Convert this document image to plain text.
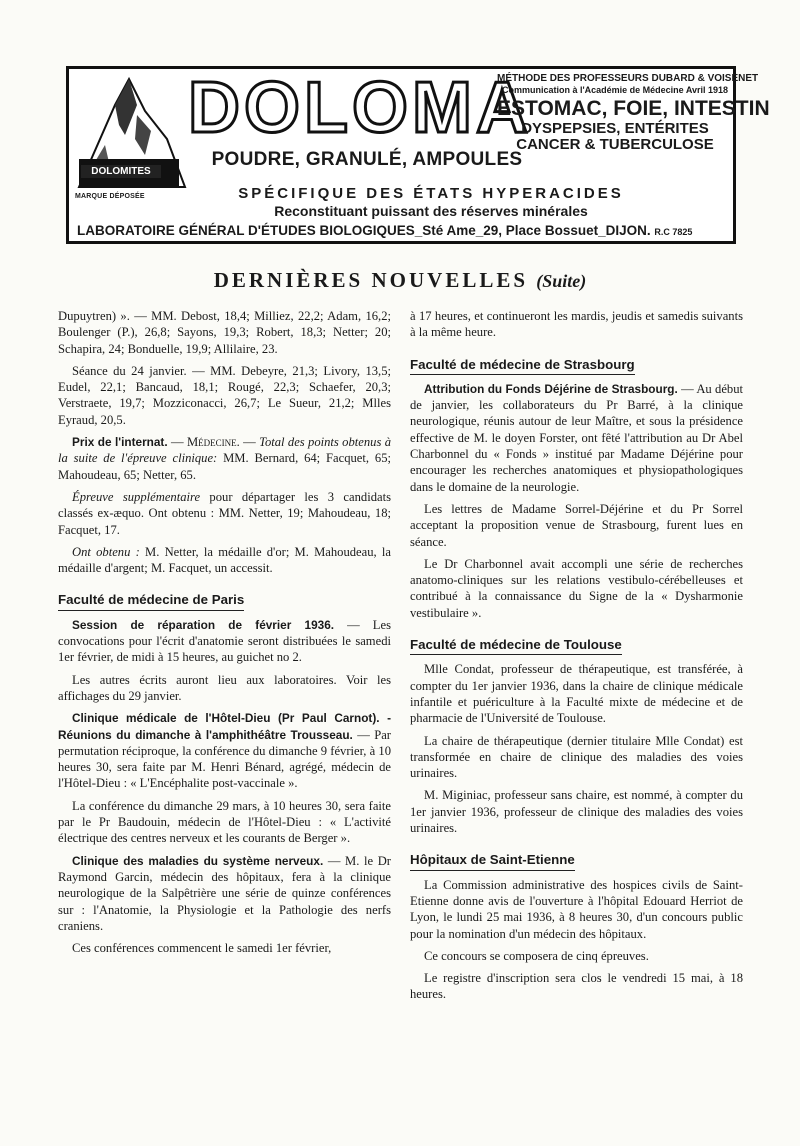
DOLOMITES
MARQUE DÉPOSÉE
DOLOMA
POUDRE, GRANULÉ, AMPOULES
MÉTHODE DES PROFESSEURS DUBARD & VOISENET
Communication à l'Académie de Médecine Avril 1918
ESTOMAC, FOIE, INTESTIN
DYSPEPSIES, ENTÉRITES
CANCER & TUBERCULOSE
SPÉCIFIQUE DES ÉTATS HYPERACIDES
Reconstituant puissant des réserves minérales
LABORATOIRE GÉNÉRAL D'ÉTUDES BIOLOGIQUES_Sté Ame_29, Place Bossuet_DIJON. R.C 7825
DERNIÈRES NOUVELLES (Suite)

Dupuytren) ». — MM. Debost, 18,4; Milliez, 22,2; Adam, 16,2; Boulenger (P.), 26,8; Sayons, 19,3; Robert, 18,3; Netter; 20; Schapira, 24; Bonduelle, 19,9; Allilaire, 23.

Séance du 24 janvier. — MM. Debeyre, 21,3; Livory, 13,5; Eudel, 22,1; Bancaud, 18,1; Rougé, 22,3; Schaefer, 20,3; Verstraete, 19,7; Mozziconacci, 26,7; Le Sueur, 21,2; Mlles Eyraud, 20,5.

Prix de l'internat. — Médecine. — Total des points obtenus à la suite de l'épreuve clinique: MM. Bernard, 64; Facquet, 65; Mahoudeau, 65; Netter, 65.

Épreuve supplémentaire pour départager les 3 candidats classés ex-æquo. Ont obtenu : MM. Netter, 19; Mahoudeau, 18; Facquet, 17.

Ont obtenu : M. Netter, la médaille d'or; M. Mahoudeau, la médaille d'argent; M. Facquet, un accessit.

Faculté de médecine de Paris

Session de réparation de février 1936. — Les convocations pour l'écrit d'anatomie seront distribuées le samedi 1er février, de midi à 15 heures, au guichet no 2.

Les autres écrits auront lieu aux laboratoires. Voir les affichages du 29 janvier.

Clinique médicale de l'Hôtel-Dieu (Pr Paul Carnot). - Réunions du dimanche à l'amphithéâtre Trousseau. — Par permutation réciproque, la conférence du dimanche 9 février, à 10 heures 30, sera faite par M. Henri Bénard, agrégé, médecin de l'Hôtel-Dieu : « L'Encéphalite post-vaccinale ».

La conférence du dimanche 29 mars, à 10 heures 30, sera faite par le Pr Baudouin, médecin de l'Hôtel-Dieu : « L'activité électrique des centres nerveux et les courants de Berger ».

Clinique des maladies du système nerveux. — M. le Dr Raymond Garcin, médecin des hôpitaux, fera à la clinique neurologique de la Salpêtrière une série de quinze conférences sur : l'Anatomie, la Physiologie et la Pathologie des nerfs craniens.

Ces conférences commencent le samedi 1er février,

à 17 heures, et continueront les mardis, jeudis et samedis suivants à la même heure.

Faculté de médecine de Strasbourg

Attribution du Fonds Déjérine de Strasbourg. — Au début de janvier, les collaborateurs du Pr Barré, à la clinique neurologique, réunis autour de leur Maître, et sous la présidence effective de M. le doyen Forster, ont fêté l'attribution au Dr Abel Charbonnel du « Fonds » institué par Madame Déjérine pour encourager les recherches anatomiques et physiopathologiques dans le domaine de la neurologie.

Les lettres de Madame Sorrel-Déjérine et du Pr Sorrel acceptant la proposition venue de Strasbourg, furent lues en séance.

Le Dr Charbonnel avait accompli une série de recherches anatomo-cliniques sur les relations vestibulo-cérébelleuses et contribué à la connaissance du Signe de la « Dysharmonie vestibulaire ».

Faculté de médecine de Toulouse

Mlle Condat, professeur de thérapeutique, est transférée, à compter du 1er janvier 1936, dans la chaire de clinique médicale infantile et puériculture à la Faculté mixte de médecine et de pharmacie de l'Université de Toulouse.

La chaire de thérapeutique (dernier titulaire Mlle Condat) est transformée en chaire de clinique des maladies des voies urinaires.

M. Miginiac, professeur sans chaire, est nommé, à compter du 1er janvier 1936, professeur de clinique des maladies des voies urinaires.

Hôpitaux de Saint-Etienne

La Commission administrative des hospices civils de Saint-Etienne donne avis de l'ouverture à l'hôpital Edouard Herriot de Lyon, le lundi 25 mai 1936, à 8 heures 30, d'un concours public pour la nomination d'un médecin des hôpitaux.

Ce concours se composera de cinq épreuves.

Le registre d'inscription sera clos le vendredi 15 mai, à 18 heures.
